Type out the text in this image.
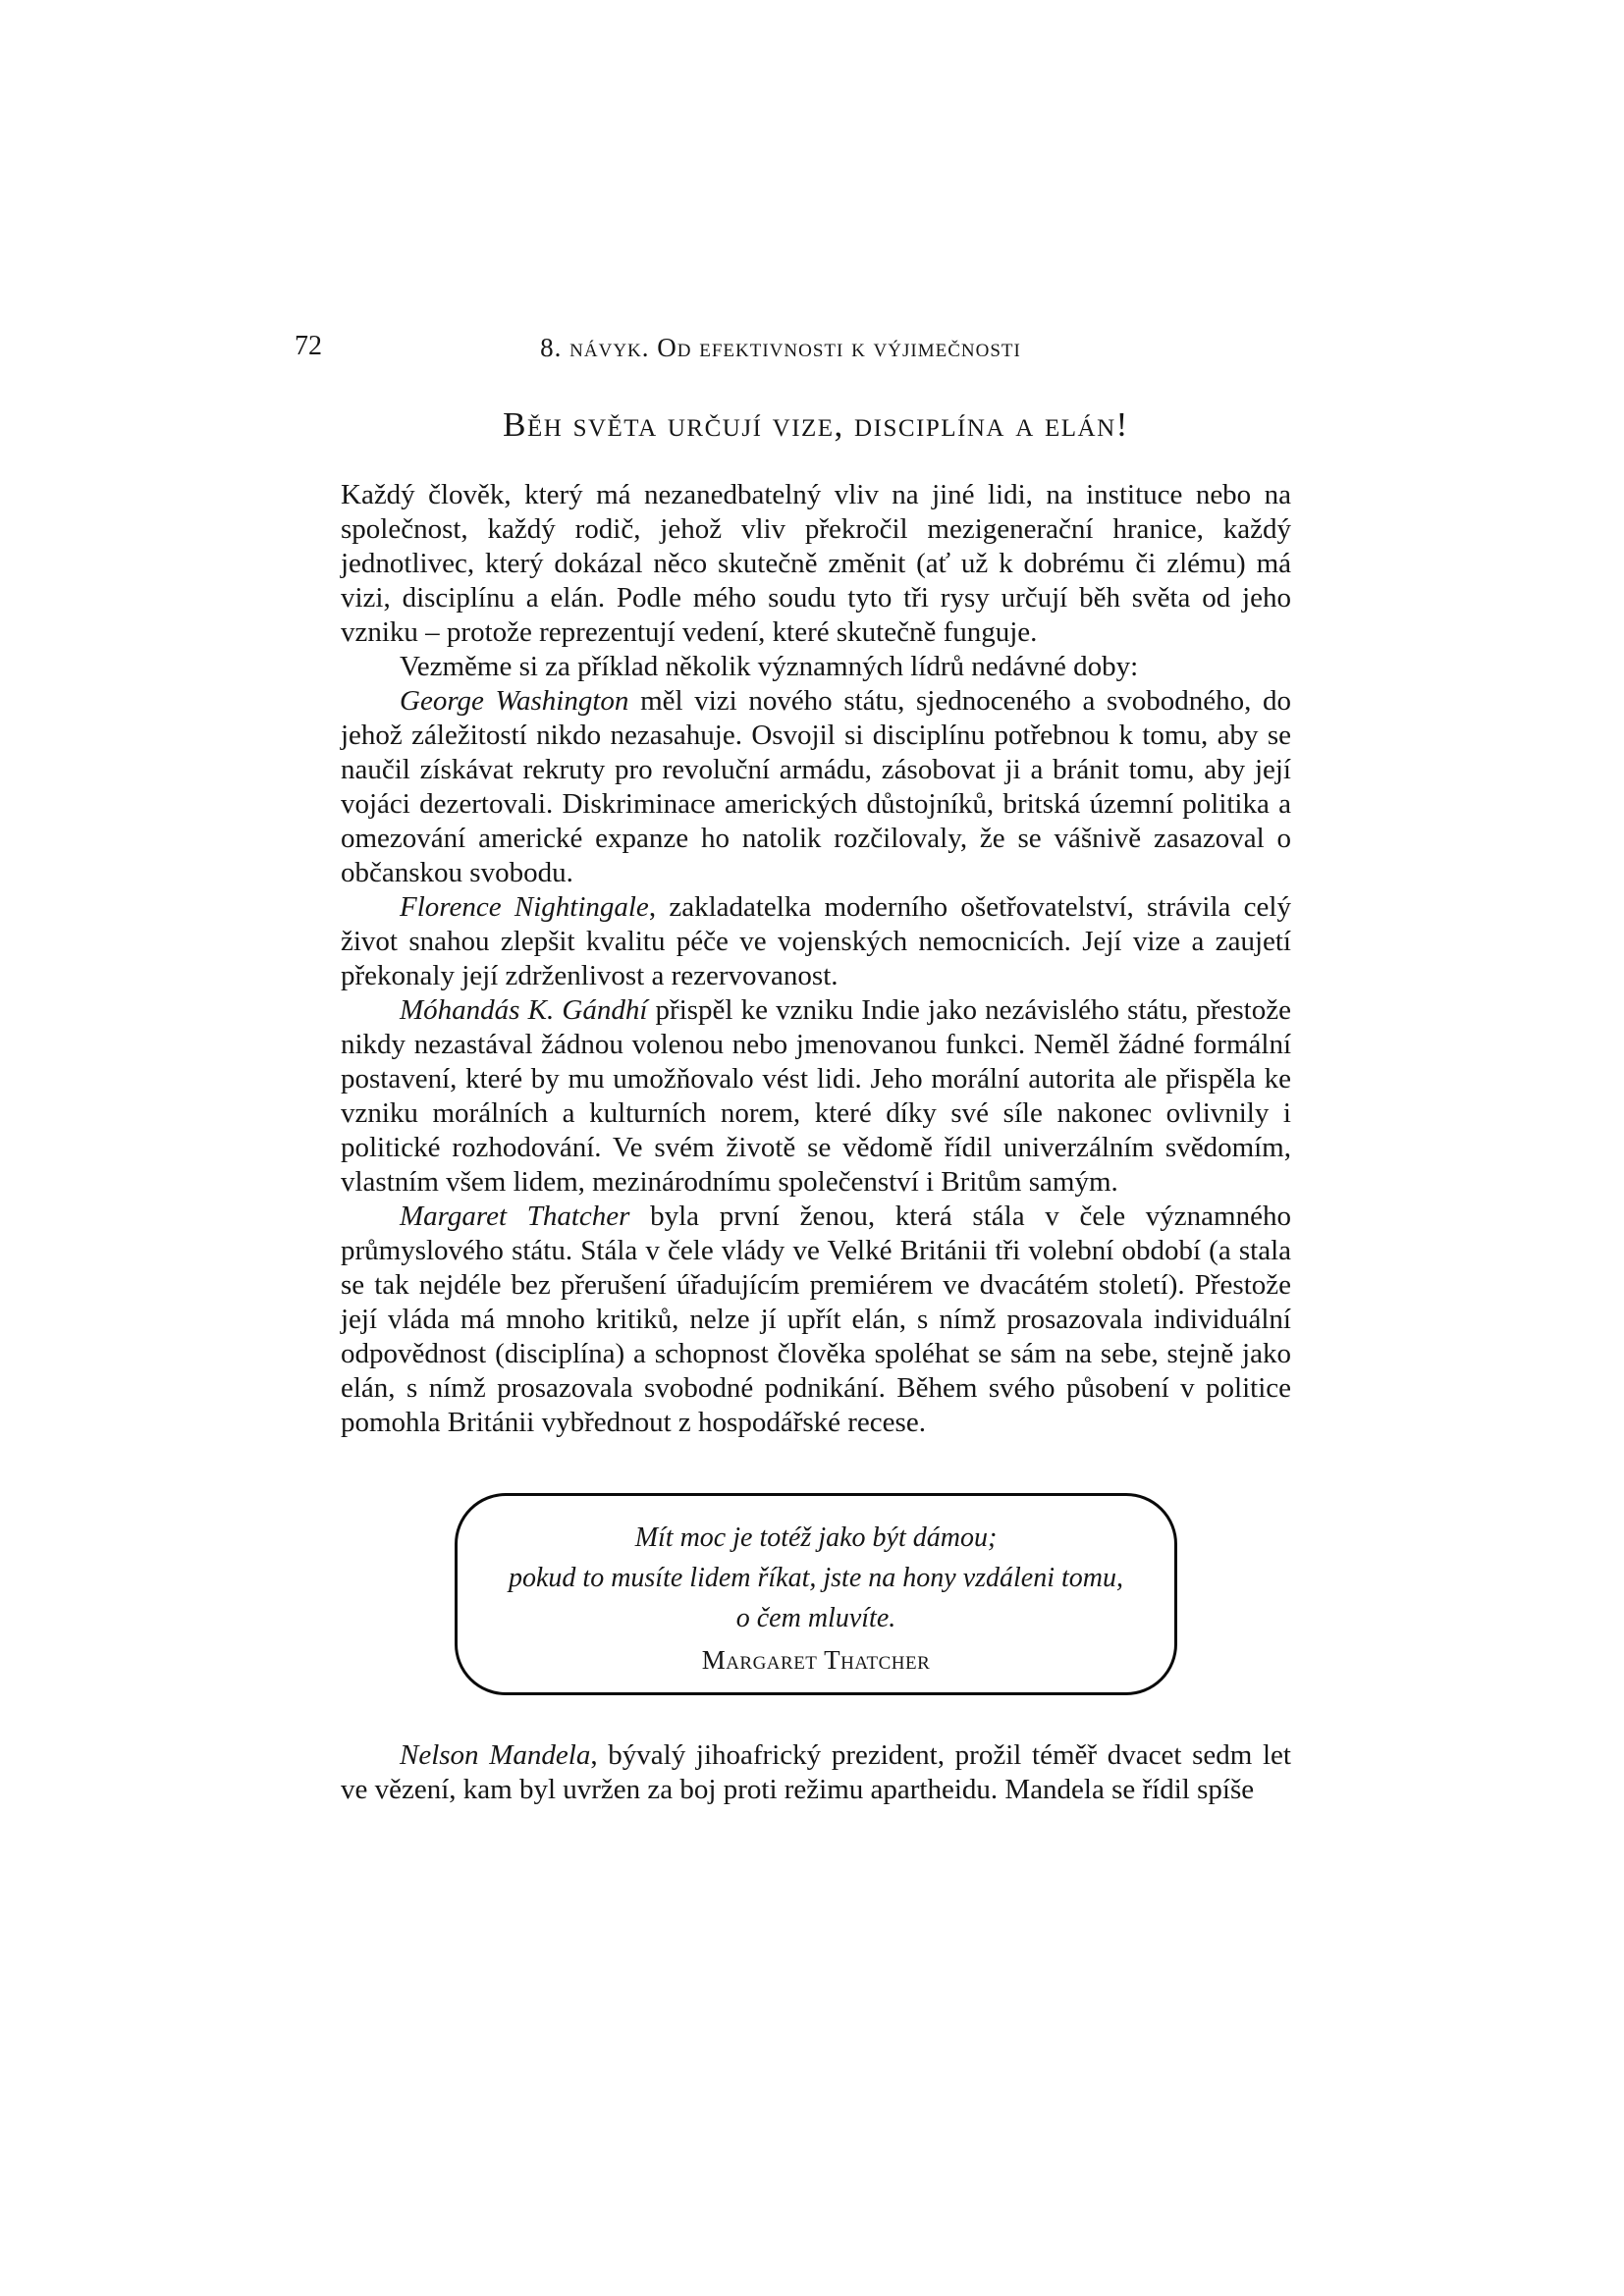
72	8. návyk. Od efektivnosti k výjimečnosti
Běh světa určují vize, disciplína a elán!

Každý člověk, který má nezanedbatelný vliv na jiné lidi, na instituce nebo na společnost, každý rodič, jehož vliv překročil mezigenerační hranice, každý jednotlivec, který dokázal něco skutečně změnit (ať už k dobrému či zlému) má vizi, disciplínu a elán. Podle mého soudu tyto tři rysy určují běh světa od jeho vzniku – protože reprezentují vedení, které skutečně funguje.

Vezměme si za příklad několik významných lídrů nedávné doby:

George Washington měl vizi nového státu, sjednoceného a svobodného, do jehož záležitostí nikdo nezasahuje. Osvojil si disciplínu potřebnou k tomu, aby se naučil získávat rekruty pro revoluční armádu, zásobovat ji a bránit tomu, aby její vojáci dezertovali. Diskriminace amerických důstojníků, britská územní politika a omezování americké expanze ho natolik rozčilovaly, že se vášnivě zasazoval o občanskou svobodu.

Florence Nightingale, zakladatelka moderního ošetřovatelství, strávila celý život snahou zlepšit kvalitu péče ve vojenských nemocnicích. Její vize a zaujetí překonaly její zdrženlivost a rezervovanost.

Móhandás K. Gándhí přispěl ke vzniku Indie jako nezávislého státu, přestože nikdy nezastával žádnou volenou nebo jmenovanou funkci. Neměl žádné formální postavení, které by mu umožňovalo vést lidi. Jeho morální autorita ale přispěla ke vzniku morálních a kulturních norem, které díky své síle nakonec ovlivnily i politické rozhodování. Ve svém životě se vědomě řídil univerzálním svědomím, vlastním všem lidem, mezinárodnímu společenství i Britům samým.

Margaret Thatcher byla první ženou, která stála v čele významného průmyslového státu. Stála v čele vlády ve Velké Británii tři volební období (a stala se tak nejdéle bez přerušení úřadujícím premiérem ve dvacátém století). Přestože její vláda má mnoho kritiků, nelze jí upřít elán, s nímž prosazovala individuální odpovědnost (disciplína) a schopnost člověka spoléhat se sám na sebe, stejně jako elán, s nímž prosazovala svobodné podnikání. Během svého působení v politice pomohla Británii vybřednout z hospodářské recese.

Mít moc je totéž jako být dámou;
pokud to musíte lidem říkat, jste na hony vzdáleni tomu,
o čem mluvíte.
Margaret Thatcher

Nelson Mandela, bývalý jihoafrický prezident, prožil téměř dvacet sedm let ve vězení, kam byl uvržen za boj proti režimu apartheidu. Mandela se řídil spíše
